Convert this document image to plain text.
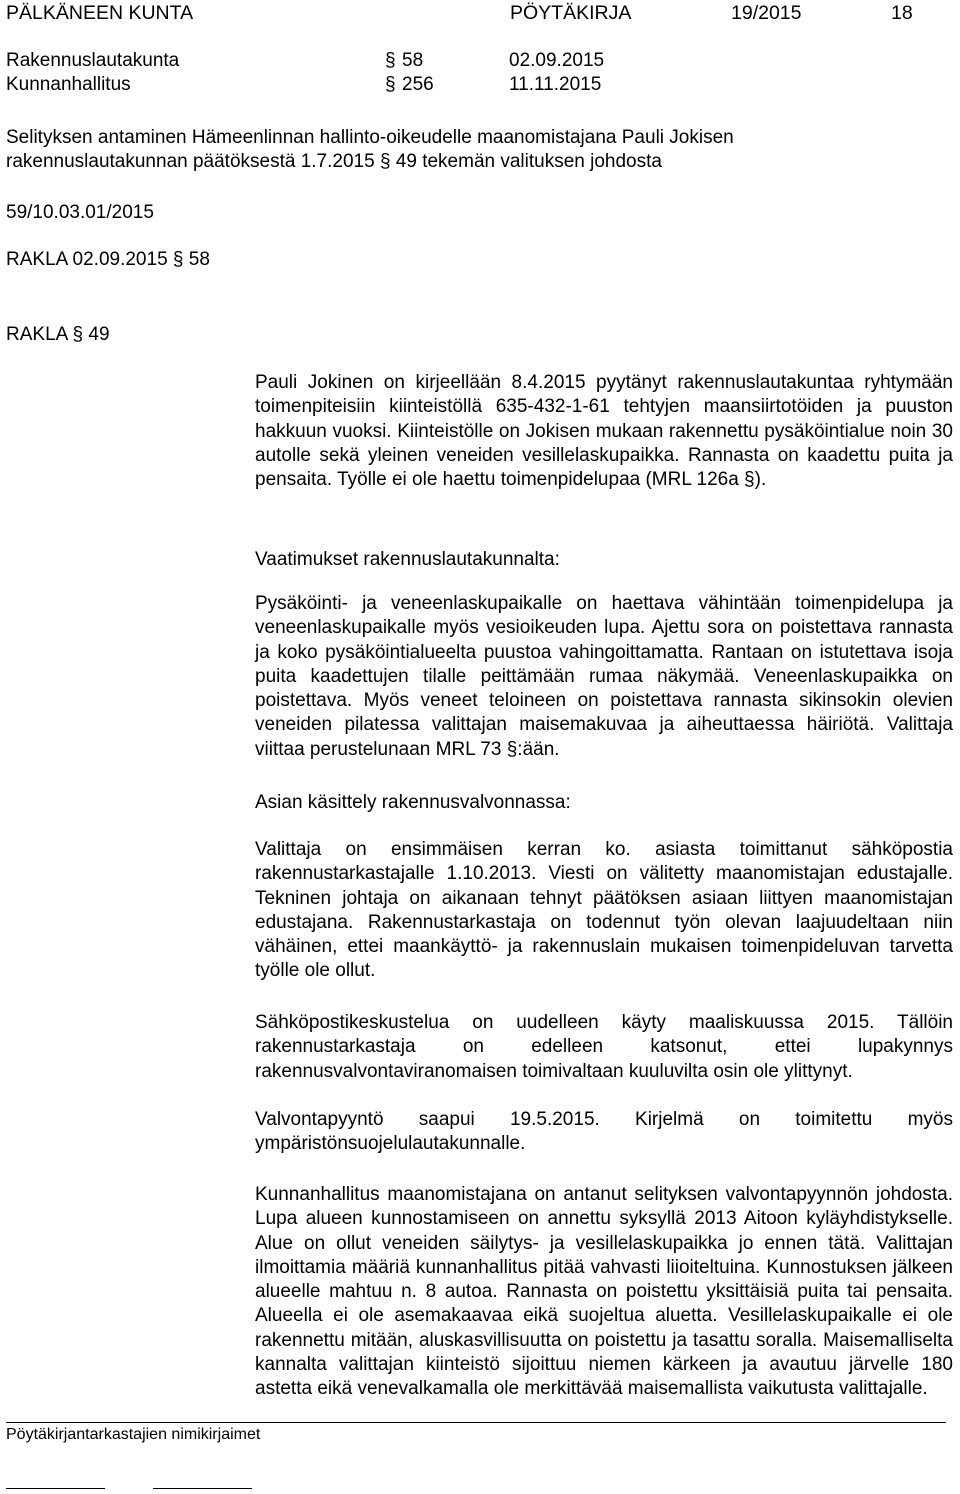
PÄLKÄNEEN KUNTA	PÖYTÄKIRJA	19/2015	18
Rakennuslautakunta	§ 58	02.09.2015
Kunnanhallitus	§ 256	11.11.2015
Selityksen antaminen Hämeenlinnan hallinto-oikeudelle maanomistajana Pauli Jokisen
rakennuslautakunnan päätöksestä 1.7.2015 § 49 tekemän valituksen johdosta
59/10.03.01/2015
RAKLA 02.09.2015 § 58
RAKLA § 49
Pauli Jokinen on kirjeellään 8.4.2015 pyytänyt rakennuslautakuntaa ryhtymään toimenpiteisiin kiinteistöllä 635-432-1-61 tehtyjen maansiirtotöiden ja puuston hakkuun vuoksi. Kiinteistölle on Jokisen mukaan rakennettu pysäköintialue noin 30 autolle sekä yleinen veneiden vesillelaskupaikka. Rannasta on kaadettu puita ja pensaita. Työlle ei ole haettu toimenpidelupaa (MRL 126a §).
Vaatimukset rakennuslautakunnalta:
Pysäköinti- ja veneenlaskupaikalle on haettava vähintään toimenpidelupa ja veneenlaskupaikalle myös vesioikeuden lupa. Ajettu sora on poistettava rannasta ja koko pysäköintialueelta puustoa vahingoittamatta. Rantaan on istutettava isoja puita kaadettujen tilalle peittämään rumaa näkymää. Veneenlaskupaikka on poistettava. Myös veneet teloineen on poistettava rannasta sikinsokin olevien veneiden pilatessa valittajan maisemakuvaa ja aiheuttaessa häiriötä. Valittaja viittaa perustelunaan MRL 73 §:ään.
Asian käsittely rakennusvalvonnassa:
Valittaja on ensimmäisen kerran ko. asiasta toimittanut sähköpostia rakennustarkastajalle 1.10.2013. Viesti on välitetty maanomistajan edustajalle. Tekninen johtaja on aikanaan tehnyt päätöksen asiaan liittyen maanomistajan edustajana. Rakennustarkastaja on todennut työn olevan laajuudeltaan niin vähäinen, ettei maankäyttö- ja rakennuslain mukaisen toimenpideluvan tarvetta työlle ole ollut.
Sähköpostikeskustelua on uudelleen käyty maaliskuussa 2015. Tällöin rakennustarkastaja on edelleen katsonut, ettei lupakynnys rakennusvalvontaviranomaisen toimivaltaan kuuluvilta osin ole ylittynyt.
Valvontapyyntö saapui 19.5.2015. Kirjelmä on toimitettu myös ympäristönsuojelulautakunnalle.
Kunnanhallitus maanomistajana on antanut selityksen valvontapyynnön johdosta. Lupa alueen kunnostamiseen on annettu syksyllä 2013 Aitoon kyläyhdistykselle. Alue on ollut veneiden säilytys- ja vesillelaskupaikka jo ennen tätä. Valittajan ilmoittamia määriä kunnanhallitus pitää vahvasti liioiteltuina. Kunnostuksen jälkeen alueelle mahtuu n. 8 autoa. Rannasta on poistettu yksittäisiä puita tai pensaita. Alueella ei ole asemakaavaa eikä suojeltua aluetta. Vesillelaskupaikalle ei ole rakennettu mitään, aluskasvillisuutta on poistettu ja tasattu soralla. Maisemalliselta kannalta valittajan kiinteistö sijoittuu niemen kärkeen ja avautuu järvelle 180 astetta eikä venevalkamalla ole merkittävää maisemallista vaikutusta valittajalle.
Pöytäkirjantarkastajien nimikirjaimet
